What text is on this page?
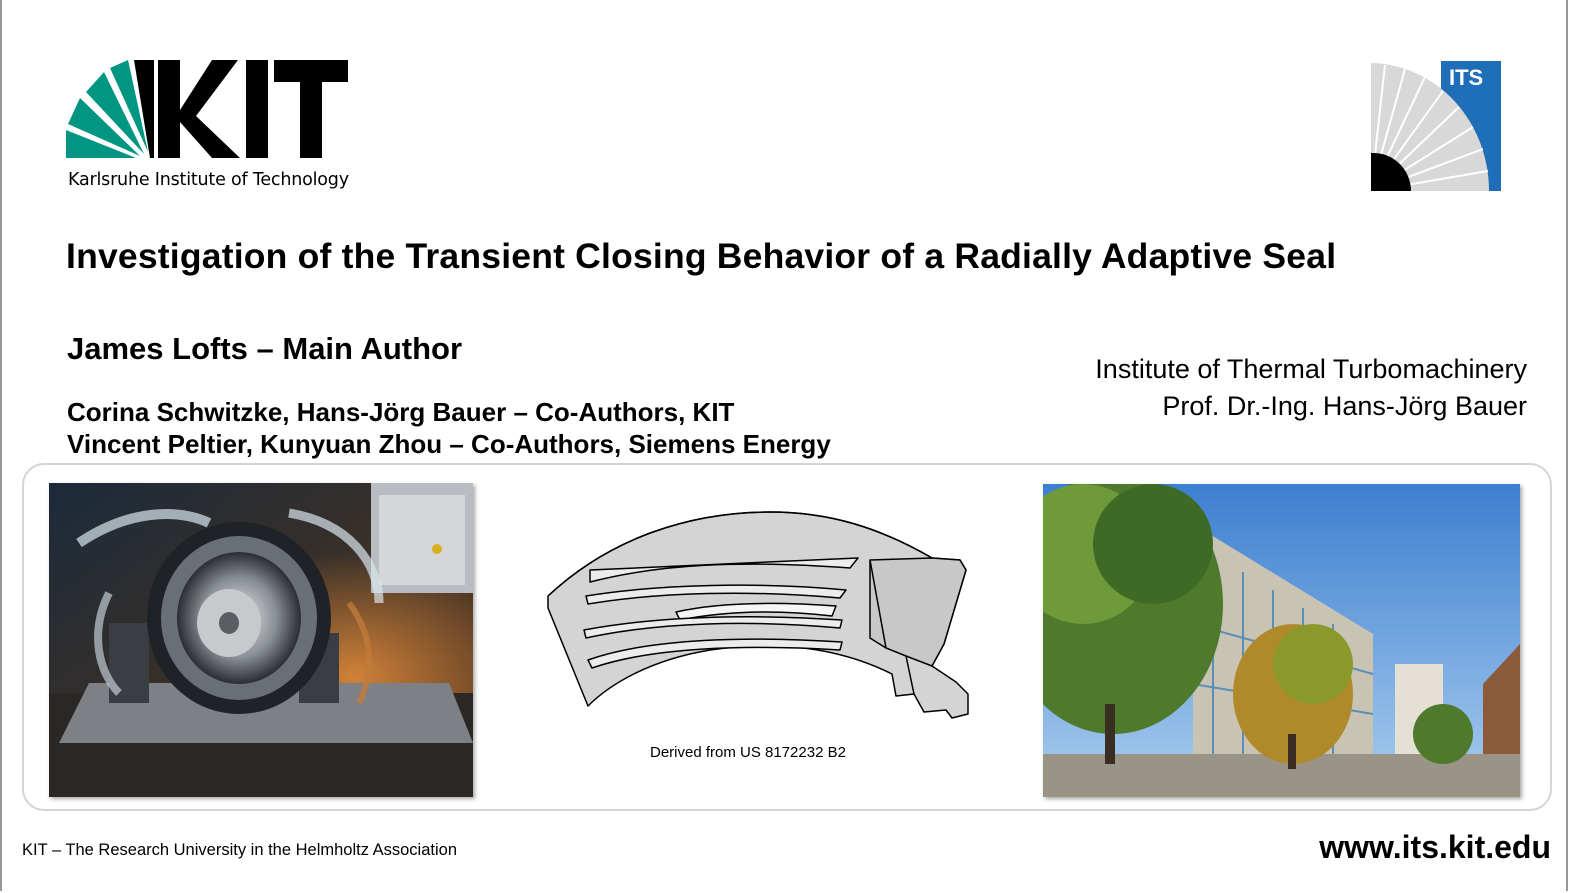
Karlsruhe Institute of Technology
ITS
Investigation of the Transient Closing Behavior of a Radially Adaptive Seal
James Lofts – Main Author
Corina Schwitzke, Hans-Jörg Bauer – Co-Authors, KIT
Vincent Peltier, Kunyuan Zhou – Co-Authors, Siemens Energy
Institute of Thermal Turbomachinery
Prof. Dr.-Ing. Hans-Jörg Bauer
Derived from US 8172232 B2
KIT – The Research University in the Helmholtz Association	www.its.kit.edu
